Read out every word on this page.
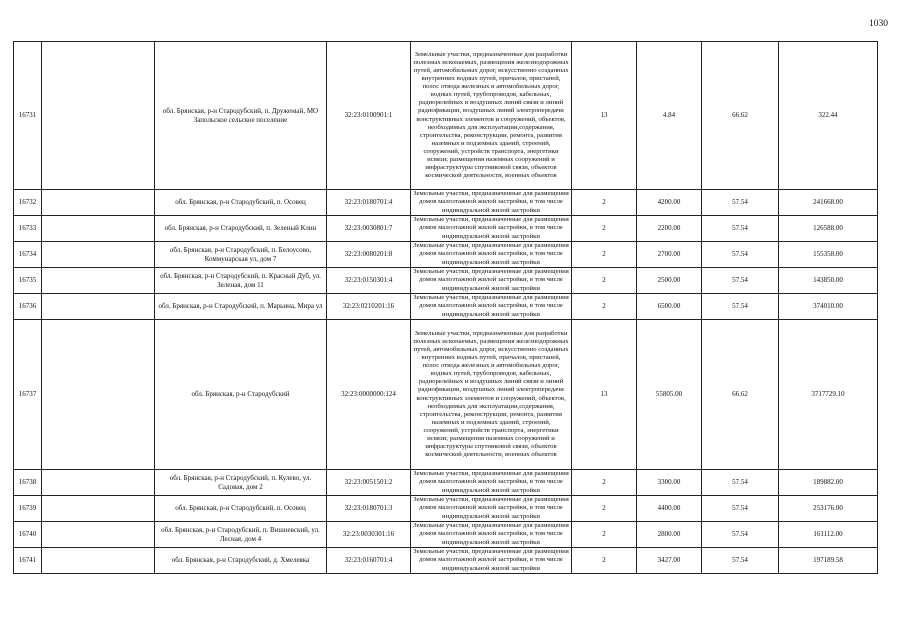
1030
16731		обл. Брянская, р-н Стародубский, п. Друженый, МО Запольское сельское поселение	32:23:0100901:1	Земельные участки, предназначенные для разработки полезных ископаемых, размещения железнодорожных путей, автомобильных дорог, искусственно созданных внутренних водных путей, причалов, пристаней, полос отвода железных и автомобильных дорог, водных путей, трубопроводов, кабельных, радиорелейных и воздушных линий связи и линий радиофикации, воздушных линий электропередачи конструктивных элементов и сооружений, объектов, необходимых для эксплуатации,содержания, строительства, реконструкции, ремонта, развития наземных и подземных зданий, строений, сооружений, устройств транспорта, энергетики исвязи; размещения наземных сооружений и инфраструктуры спутниковой связи, объектов космической деятельности, военных объектов	13	4.84	66.62	322.44
16732		обл. Брянская, р-н Стародубский, п. Осовец	32:23:0180701:4	Земельные участки, предназначенные для размещения домов малоэтажной жилой застройки, в том числе индивидуальной жилой застройки	2	4200.00	57.54	241668.00
16733		обл. Брянская, р-н Стародубский, п. Зеленый Клин	32:23:0030801:7	Земельные участки, предназначенные для размещения домов малоэтажной жилой застройки, в том числе индивидуальной жилой застройки	2	2200.00	57.54	126588.00
16734		обл. Брянская, р-н Стародубский, п. Белоусово, Коммунарская ул, дом 7	32:23:0080201:8	Земельные участки, предназначенные для размещения домов малоэтажной жилой застройки, в том числе индивидуальной жилой застройки	2	2700.00	57.54	155358.00
16735		обл. Брянская, р-н Стародубский, п. Красный Дуб, ул. Зеленая, дом 11	32:23:0150301:4	Земельные участки, предназначенные для размещения домов малоэтажной жилой застройки, в том числе индивидуальной жилой застройки	2	2500.00	57.54	143850.00
16736		обл. Брянская, р-н Стародубский, п. Марьина, Мира ул	32:23:0210201:16	Земельные участки, предназначенные для размещения домов малоэтажной жилой застройки, в том числе индивидуальной жилой застройки	2	6500.00	57.54	374010.00
16737		обл. Брянская, р-н Стародубский	32:23:0000000:124	Земельные участки, предназначенные для разработки полезных ископаемых, размещения железнодорожных путей, автомобильных дорог, искусственно созданных внутренних водных путей, причалов, пристаней, полос отвода железных и автомобильных дорог, водных путей, трубопроводов, кабельных, радиорелейных и воздушных линий связи и линий радиофикации, воздушных линий электропередачи конструктивных элементов и сооружений, объектов, необходимых для эксплуатации,содержания, строительства, реконструкции, ремонта, развития наземных и подземных зданий, строений, сооружений, устройств транспорта, энергетики исвязи; размещения наземных сооружений и инфраструктуры спутниковой связи, объектов космической деятельности, военных объектов	13	55805.00	66.62	3717729.10
16738		обл. Брянская, р-н Стародубский, п. Кулево, ул. Садовая, дом 2	32:23:0051501:2	Земельные участки, предназначенные для размещения домов малоэтажной жилой застройки, в том числе индивидуальной жилой застройки	2	3300.00	57.54	189882.00
16739		обл. Брянская, р-н Стародубский, п. Осовец	32:23:0180701:3	Земельные участки, предназначенные для размещения домов малоэтажной жилой застройки, в том числе индивидуальной жилой застройки	2	4400.00	57.54	253176.00
16740		обл. Брянская, р-н Стародубский, п. Вишневский, ул. Лесная, дом 4	32:23:0030301:16	Земельные участки, предназначенные для размещения домов малоэтажной жилой застройки, в том числе индивидуальной жилой застройки	2	2800.00	57.54	161112.00
16741		обл. Брянская, р-н Стародубский, д. Хмелевка	32:23:0160701:4	Земельные участки, предназначенные для размещения домов малоэтажной жилой застройки, в том числе индивидуальной жилой застройки	2	3427.00	57.54	197189.58
